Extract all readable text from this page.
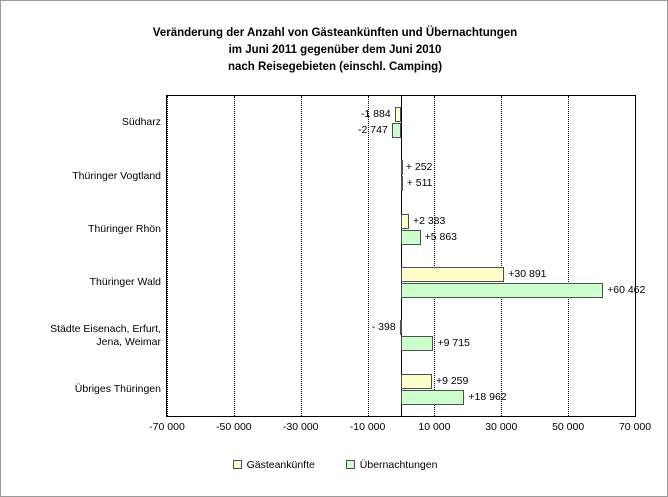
Veränderung der Anzahl von Gästeankünften und Übernachtungen
im Juni 2011 gegenüber dem Juni 2010
nach Reisegebieten (einschl. Camping)
Südharz
Thüringer Vogtland
Thüringer Rhön
Thüringer Wald
Städte Eisenach, Erfurt,
Jena, Weimar
Übriges Thüringen
-1 884
-2 747
+ 252
+ 511
+2 383
+5 863
+30 891
+60 462
- 398
+9 715
+9 259
+18 962
-70 000	-50 000	-30 000	-10 000	10 000	30 000	50 000	70 000
Gästeankünfte	Übernachtungen
